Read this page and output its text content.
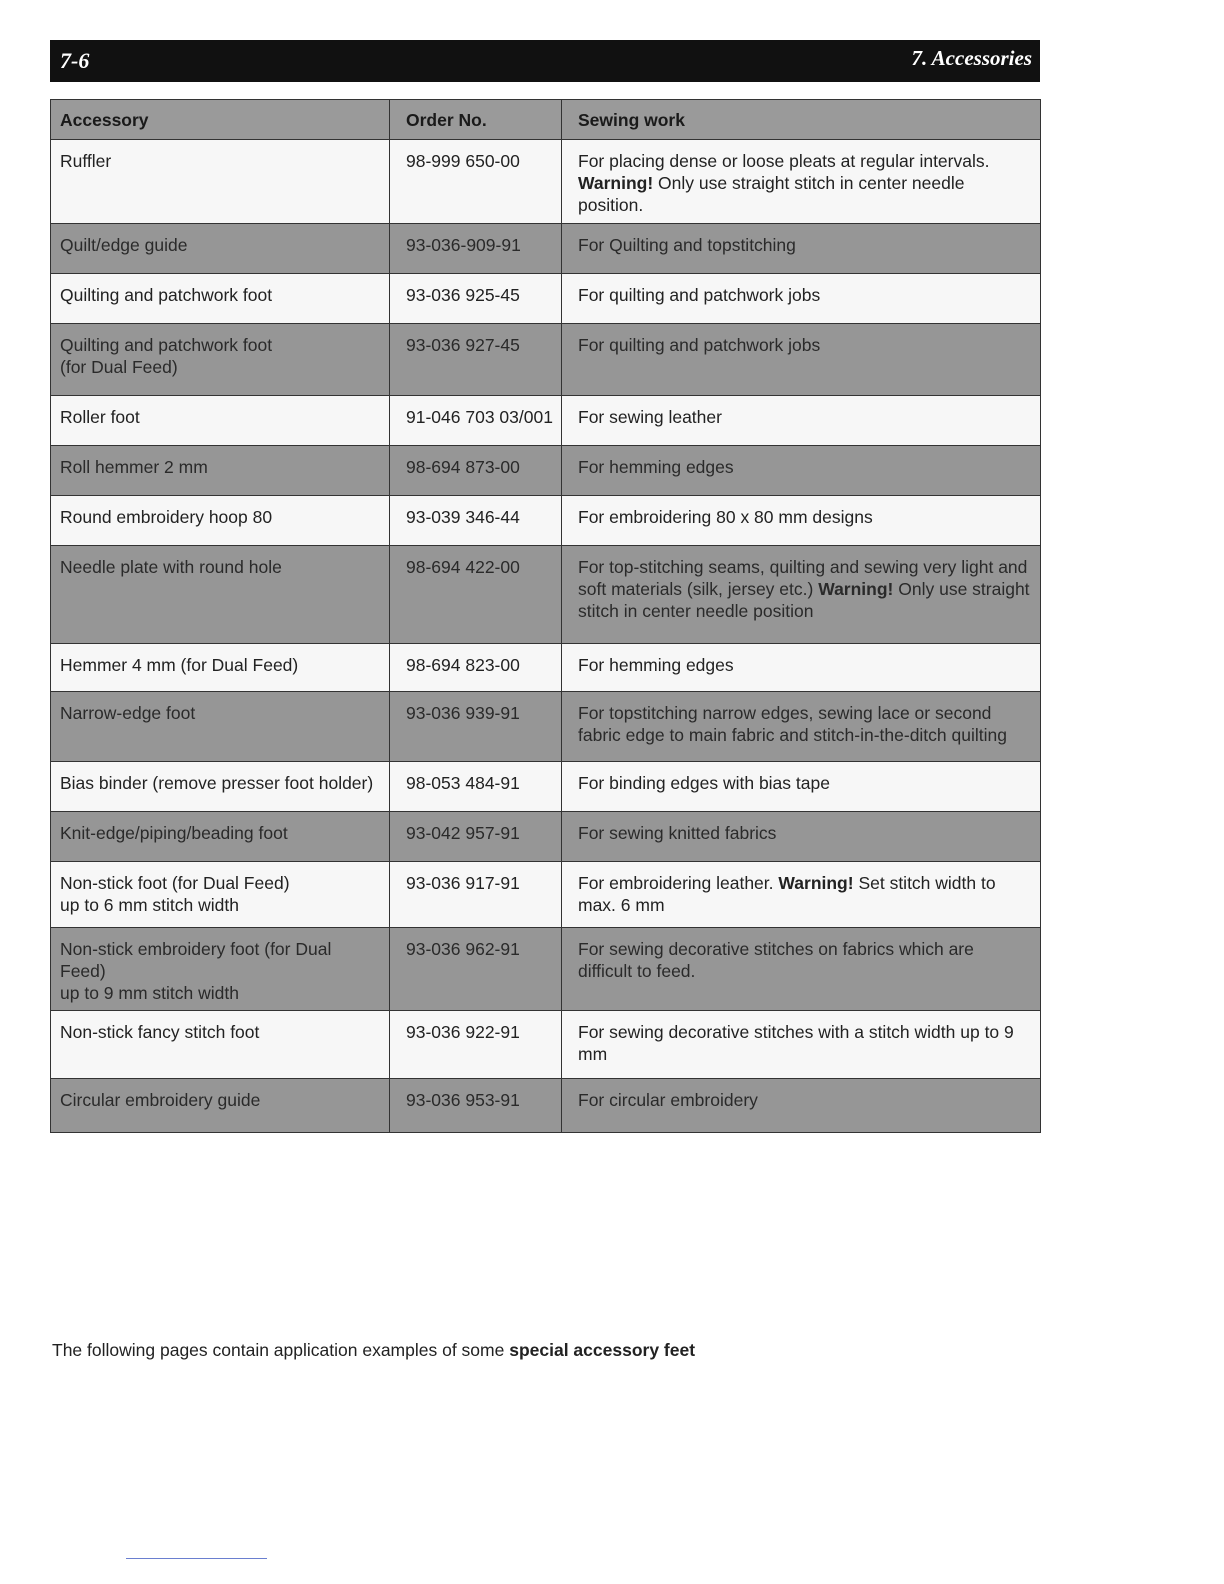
7-6	7. Accessories
Accessory	Order No.	Sewing work
Ruffler	98-999 650-00	For placing dense or loose pleats at regular intervals.
Warning! Only use straight stitch in center needle position.
Quilt/edge guide	93-036-909-91	For Quilting and topstitching
Quilting and patchwork foot	93-036 925-45	For quilting and patchwork jobs
Quilting and patchwork foot
(for Dual Feed)	93-036 927-45	For quilting and patchwork jobs
Roller foot	91-046 703 03/001	For sewing leather
Roll hemmer 2 mm	98-694 873-00	For hemming edges
Round embroidery hoop 80	93-039 346-44	For embroidering 80 x 80 mm designs
Needle plate with round hole	98-694 422-00	For top-stitching seams, quilting and sewing very light and soft materials (silk, jersey etc.) Warning! Only use straight stitch in center needle position
Hemmer 4 mm (for Dual Feed)	98-694 823-00	For hemming edges
Narrow-edge foot	93-036 939-91	For topstitching narrow edges, sewing lace or second fabric edge to main fabric and stitch-in-the-ditch quilting
Bias binder (remove presser foot holder)	98-053 484-91	For binding edges with bias tape
Knit-edge/piping/beading foot	93-042 957-91	For sewing knitted fabrics
Non-stick foot (for Dual Feed)
up to 6 mm stitch width	93-036 917-91	For embroidering leather. Warning! Set stitch width to max. 6 mm
Non-stick embroidery foot (for Dual Feed)
up to 9 mm stitch width	93-036 962-91	For sewing decorative stitches on fabrics which are difficult to feed.
Non-stick fancy stitch foot	93-036 922-91	For sewing decorative stitches with a stitch width up to 9 mm
Circular embroidery guide	93-036 953-91	For circular embroidery
The following pages contain application examples of some special accessory feet
